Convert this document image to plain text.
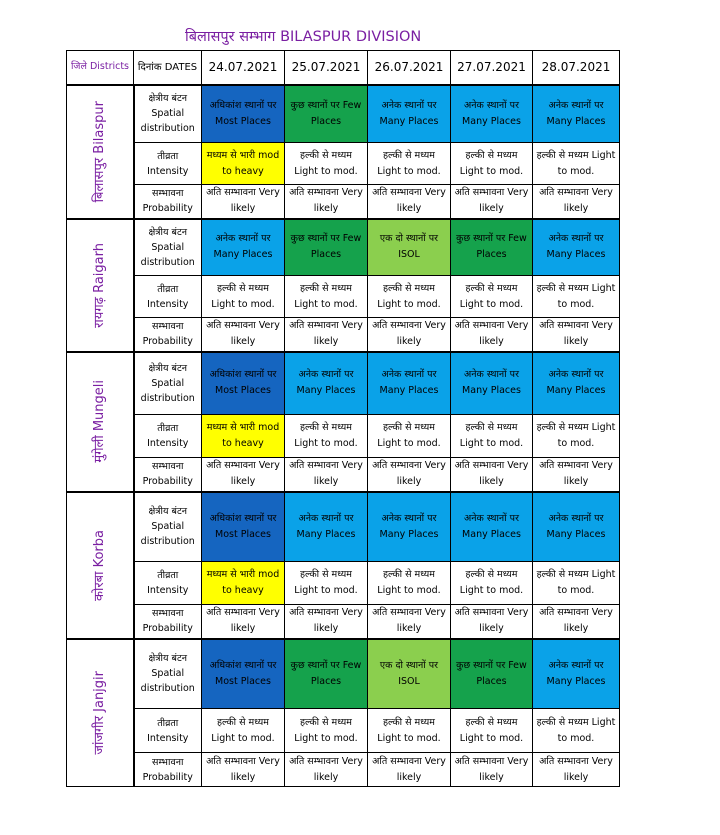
बिलासपुर सम्भाग BILASPUR DIVISION
जिले Districts	दिनांक DATES	24.07.2021	25.07.2021	26.07.2021	27.07.2021	28.07.2021

बिलासपुर Bilaspur	क्षेत्रीय बंटन Spatial distribution	अधिकांश स्थानों पर Most Places	कुछ स्थानों पर Few Places	अनेक स्थानों पर Many Places	अनेक स्थानों पर Many Places	अनेक स्थानों पर Many Places
	तीव्रता Intensity	मध्यम से भारी mod to heavy	हल्की से मध्यम Light to mod.	हल्की से मध्यम Light to mod.	हल्की से मध्यम Light to mod.	हल्की से मध्यम Light to mod.
	सम्भावना Probability	अति सम्भावना Very likely	अति सम्भावना Very likely	अति सम्भावना Very likely	अति सम्भावना Very likely	अति सम्भावना Very likely

रायगढ़ Raigarh	क्षेत्रीय बंटन Spatial distribution	अनेक स्थानों पर Many Places	कुछ स्थानों पर Few Places	एक दो स्थानों पर ISOL	कुछ स्थानों पर Few Places	अनेक स्थानों पर Many Places
	तीव्रता Intensity	हल्की से मध्यम Light to mod.	हल्की से मध्यम Light to mod.	हल्की से मध्यम Light to mod.	हल्की से मध्यम Light to mod.	हल्की से मध्यम Light to mod.
	सम्भावना Probability	अति सम्भावना Very likely	अति सम्भावना Very likely	अति सम्भावना Very likely	अति सम्भावना Very likely	अति सम्भावना Very likely

मुंगेली Mungeli	क्षेत्रीय बंटन Spatial distribution	अधिकांश स्थानों पर Most Places	अनेक स्थानों पर Many Places	अनेक स्थानों पर Many Places	अनेक स्थानों पर Many Places	अनेक स्थानों पर Many Places
	तीव्रता Intensity	मध्यम से भारी mod to heavy	हल्की से मध्यम Light to mod.	हल्की से मध्यम Light to mod.	हल्की से मध्यम Light to mod.	हल्की से मध्यम Light to mod.
	सम्भावना Probability	अति सम्भावना Very likely	अति सम्भावना Very likely	अति सम्भावना Very likely	अति सम्भावना Very likely	अति सम्भावना Very likely

कोरबा Korba	क्षेत्रीय बंटन Spatial distribution	अधिकांश स्थानों पर Most Places	अनेक स्थानों पर Many Places	अनेक स्थानों पर Many Places	अनेक स्थानों पर Many Places	अनेक स्थानों पर Many Places
	तीव्रता Intensity	मध्यम से भारी mod to heavy	हल्की से मध्यम Light to mod.	हल्की से मध्यम Light to mod.	हल्की से मध्यम Light to mod.	हल्की से मध्यम Light to mod.
	सम्भावना Probability	अति सम्भावना Very likely	अति सम्भावना Very likely	अति सम्भावना Very likely	अति सम्भावना Very likely	अति सम्भावना Very likely

जांजगीर Janjgir	क्षेत्रीय बंटन Spatial distribution	अधिकांश स्थानों पर Most Places	कुछ स्थानों पर Few Places	एक दो स्थानों पर ISOL	कुछ स्थानों पर Few Places	अनेक स्थानों पर Many Places
	तीव्रता Intensity	हल्की से मध्यम Light to mod.	हल्की से मध्यम Light to mod.	हल्की से मध्यम Light to mod.	हल्की से मध्यम Light to mod.	हल्की से मध्यम Light to mod.
	सम्भावना Probability	अति सम्भावना Very likely	अति सम्भावना Very likely	अति सम्भावना Very likely	अति सम्भावना Very likely	अति सम्भावना Very likely
